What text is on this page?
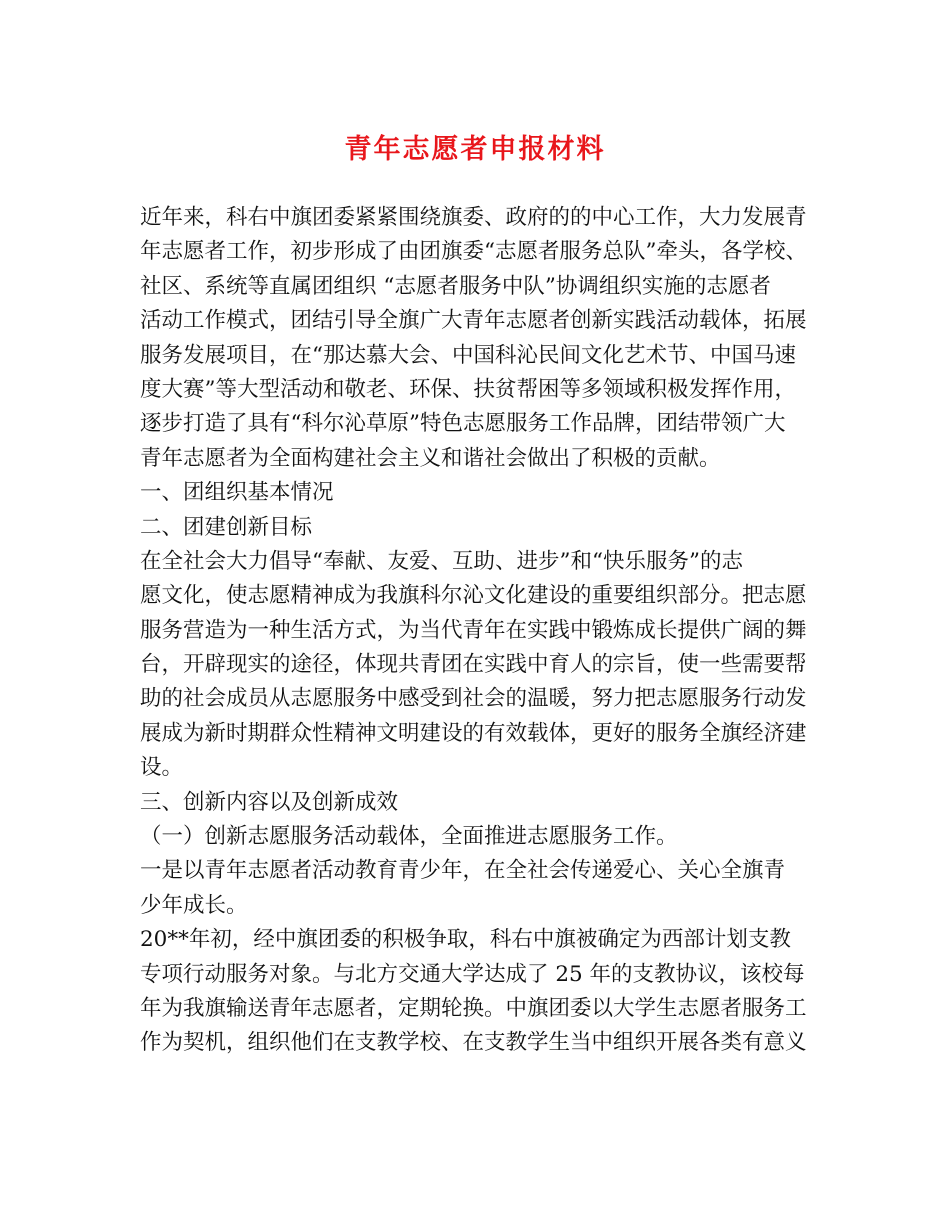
青年志愿者申报材料
近年来，科右中旗团委紧紧围绕旗委、政府的的中心工作，大力发展青
年志愿者工作，初步形成了由团旗委“志愿者服务总队”牵头，各学校、
社区、系统等直属团组织 “志愿者服务中队”协调组织实施的志愿者
活动工作模式，团结引导全旗广大青年志愿者创新实践活动载体，拓展
服务发展项目，在“那达慕大会、中国科沁民间文化艺术节、中国马速
度大赛”等大型活动和敬老、环保、扶贫帮困等多领域积极发挥作用，
逐步打造了具有“科尔沁草原”特色志愿服务工作品牌，团结带领广大
青年志愿者为全面构建社会主义和谐社会做出了积极的贡献。
一、团组织基本情况
二、团建创新目标
在全社会大力倡导“奉献、友爱、互助、进步”和“快乐服务”的志
愿文化，使志愿精神成为我旗科尔沁文化建设的重要组织部分。把志愿
服务营造为一种生活方式，为当代青年在实践中锻炼成长提供广阔的舞
台，开辟现实的途径，体现共青团在实践中育人的宗旨，使一些需要帮
助的社会成员从志愿服务中感受到社会的温暖，努力把志愿服务行动发
展成为新时期群众性精神文明建设的有效载体，更好的服务全旗经济建
设。
三、创新内容以及创新成效
（一）创新志愿服务活动载体，全面推进志愿服务工作。
一是以青年志愿者活动教育青少年，在全社会传递爱心、关心全旗青
少年成长。
20**年初，经中旗团委的积极争取，科右中旗被确定为西部计划支教
专项行动服务对象。与北方交通大学达成了 25 年的支教协议，该校每
年为我旗输送青年志愿者，定期轮换。中旗团委以大学生志愿者服务工
作为契机，组织他们在支教学校、在支教学生当中组织开展各类有意义
